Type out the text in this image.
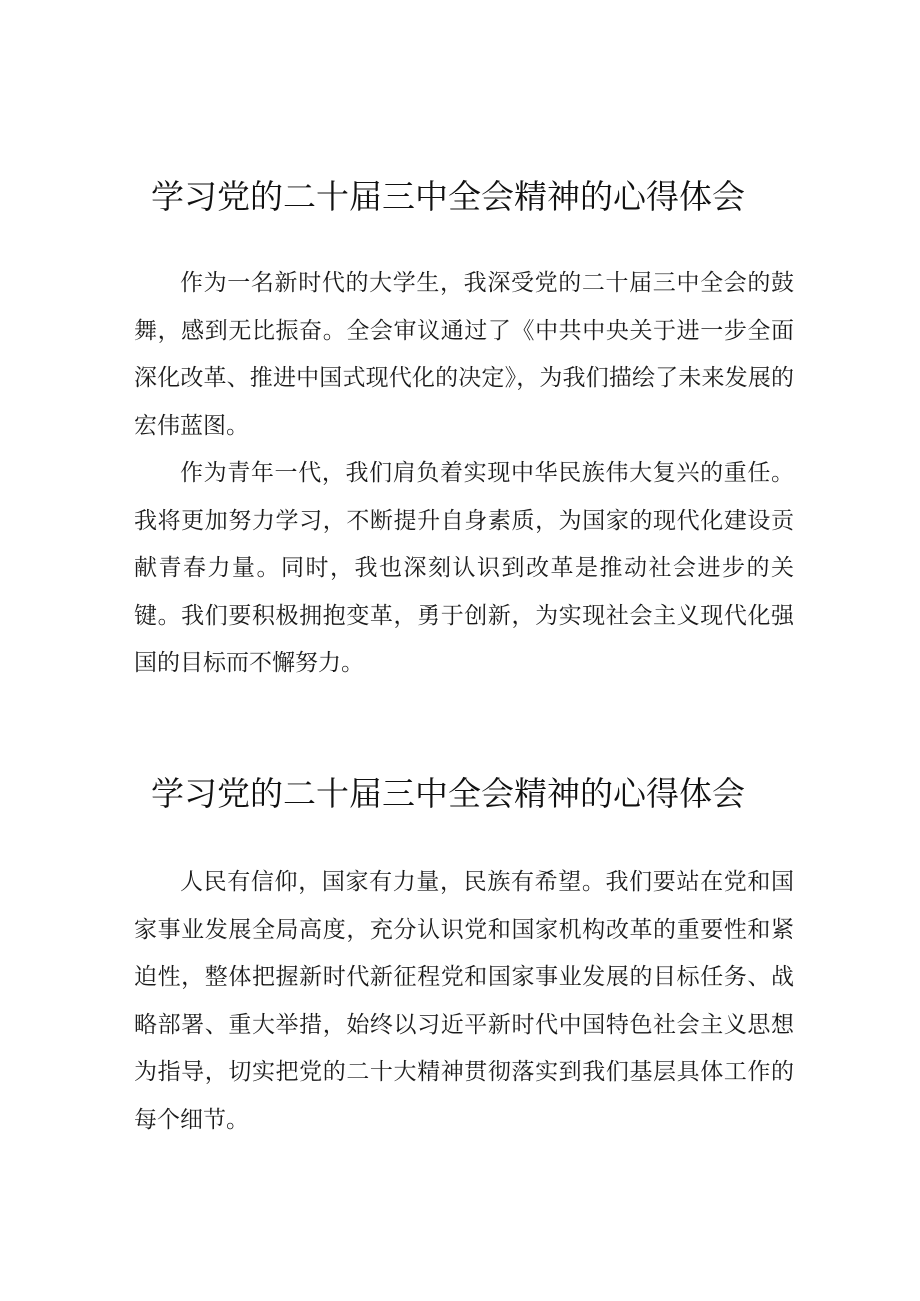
学习党的二十届三中全会精神的心得体会

作为一名新时代的大学生，我深受党的二十届三中全会的鼓舞，感到无比振奋。全会审议通过了《中共中央关于进一步全面深化改革、推进中国式现代化的决定》，为我们描绘了未来发展的宏伟蓝图。

作为青年一代，我们肩负着实现中华民族伟大复兴的重任。我将更加努力学习，不断提升自身素质，为国家的现代化建设贡献青春力量。同时，我也深刻认识到改革是推动社会进步的关键。我们要积极拥抱变革，勇于创新，为实现社会主义现代化强国的目标而不懈努力。

学习党的二十届三中全会精神的心得体会

人民有信仰，国家有力量，民族有希望。我们要站在党和国家事业发展全局高度，充分认识党和国家机构改革的重要性和紧迫性，整体把握新时代新征程党和国家事业发展的目标任务、战略部署、重大举措，始终以习近平新时代中国特色社会主义思想为指导，切实把党的二十大精神贯彻落实到我们基层具体工作的每个细节。
